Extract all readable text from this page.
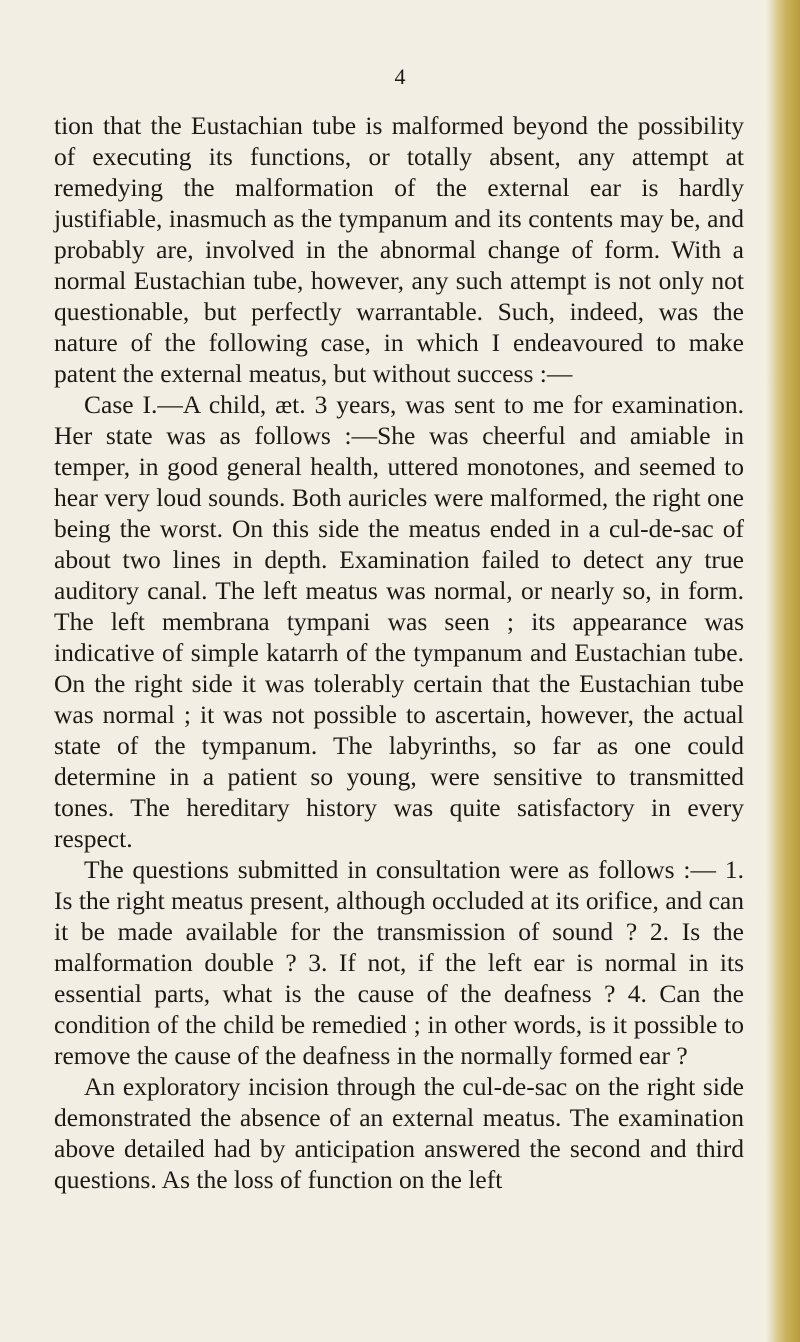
4

tion that the Eustachian tube is malformed beyond the possibility of executing its functions, or totally absent, any attempt at remedying the malformation of the external ear is hardly justifiable, inasmuch as the tympanum and its contents may be, and probably are, involved in the abnormal change of form. With a normal Eustachian tube, however, any such attempt is not only not questionable, but perfectly warrantable. Such, indeed, was the nature of the following case, in which I endeavoured to make patent the external meatus, but without success :—

Case I.—A child, æt. 3 years, was sent to me for examination. Her state was as follows :—She was cheerful and amiable in temper, in good general health, uttered monotones, and seemed to hear very loud sounds. Both auricles were malformed, the right one being the worst. On this side the meatus ended in a cul-de-sac of about two lines in depth. Examination failed to detect any true auditory canal. The left meatus was normal, or nearly so, in form. The left membrana tympani was seen ; its appearance was indicative of simple katarrh of the tympanum and Eustachian tube. On the right side it was tolerably certain that the Eustachian tube was normal ; it was not possible to ascertain, however, the actual state of the tympanum. The labyrinths, so far as one could determine in a patient so young, were sensitive to transmitted tones. The hereditary history was quite satisfactory in every respect.

The questions submitted in consultation were as follows :— 1. Is the right meatus present, although occluded at its orifice, and can it be made available for the transmission of sound ? 2. Is the malformation double ? 3. If not, if the left ear is normal in its essential parts, what is the cause of the deafness ? 4. Can the condition of the child be remedied ; in other words, is it possible to remove the cause of the deafness in the normally formed ear ?

An exploratory incision through the cul-de-sac on the right side demonstrated the absence of an external meatus. The examination above detailed had by anticipation answered the second and third questions. As the loss of function on the left
